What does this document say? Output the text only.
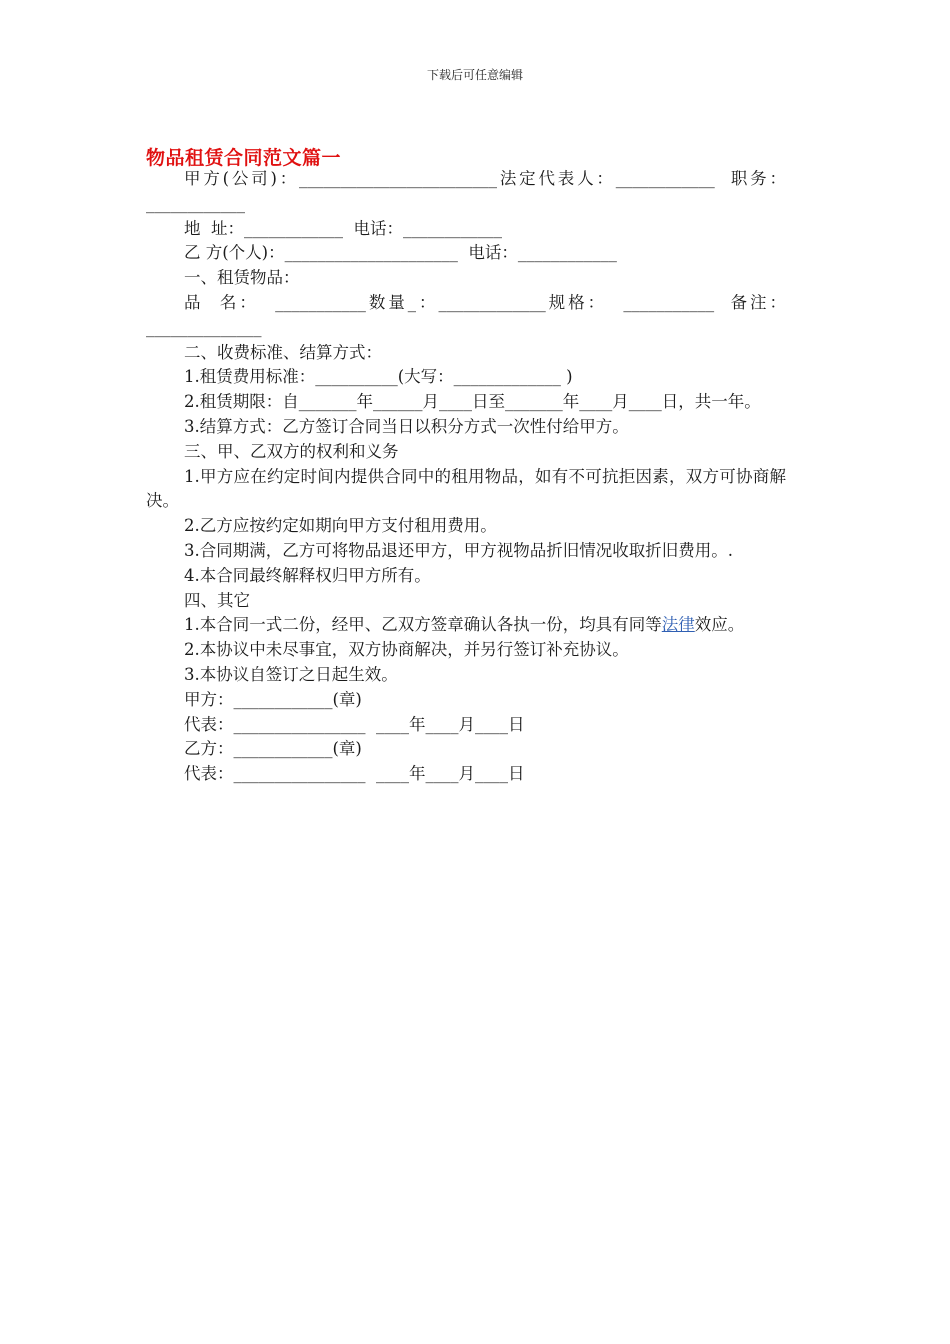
下载后可任意编辑
物品租赁合同范文篇一

甲方(公司)：________________________法定代表人：____________  职务：____________

地  址：____________  电话：____________

乙 方(个人)：_____________________  电话：____________

一、租赁物品：

品  名：  ___________数量_：_____________规格：  ___________  备注：______________

二、收费标准、结算方式：

1.租赁费用标准：__________(大写：_____________ )

2.租赁期限：自_______年______月____日至_______年____月____日，共一年。

3.结算方式：乙方签订合同当日以积分方式一次性付给甲方。

三、甲、乙双方的权利和义务

1.甲方应在约定时间内提供合同中的租用物品，如有不可抗拒因素，双方可协商解决。

2.乙方应按约定如期向甲方支付租用费用。

3.合同期满，乙方可将物品退还甲方，甲方视物品折旧情况收取折旧费用。.

4.本合同最终解释权归甲方所有。

四、其它

1.本合同一式二份，经甲、乙双方签章确认各执一份，均具有同等法律效应。

2.本协议中未尽事宜，双方协商解决，并另行签订补充协议。

3.本协议自签订之日起生效。

甲方：____________(章)

代表：________________  ____年____月____日

乙方：____________(章)

代表：________________  ____年____月____日
